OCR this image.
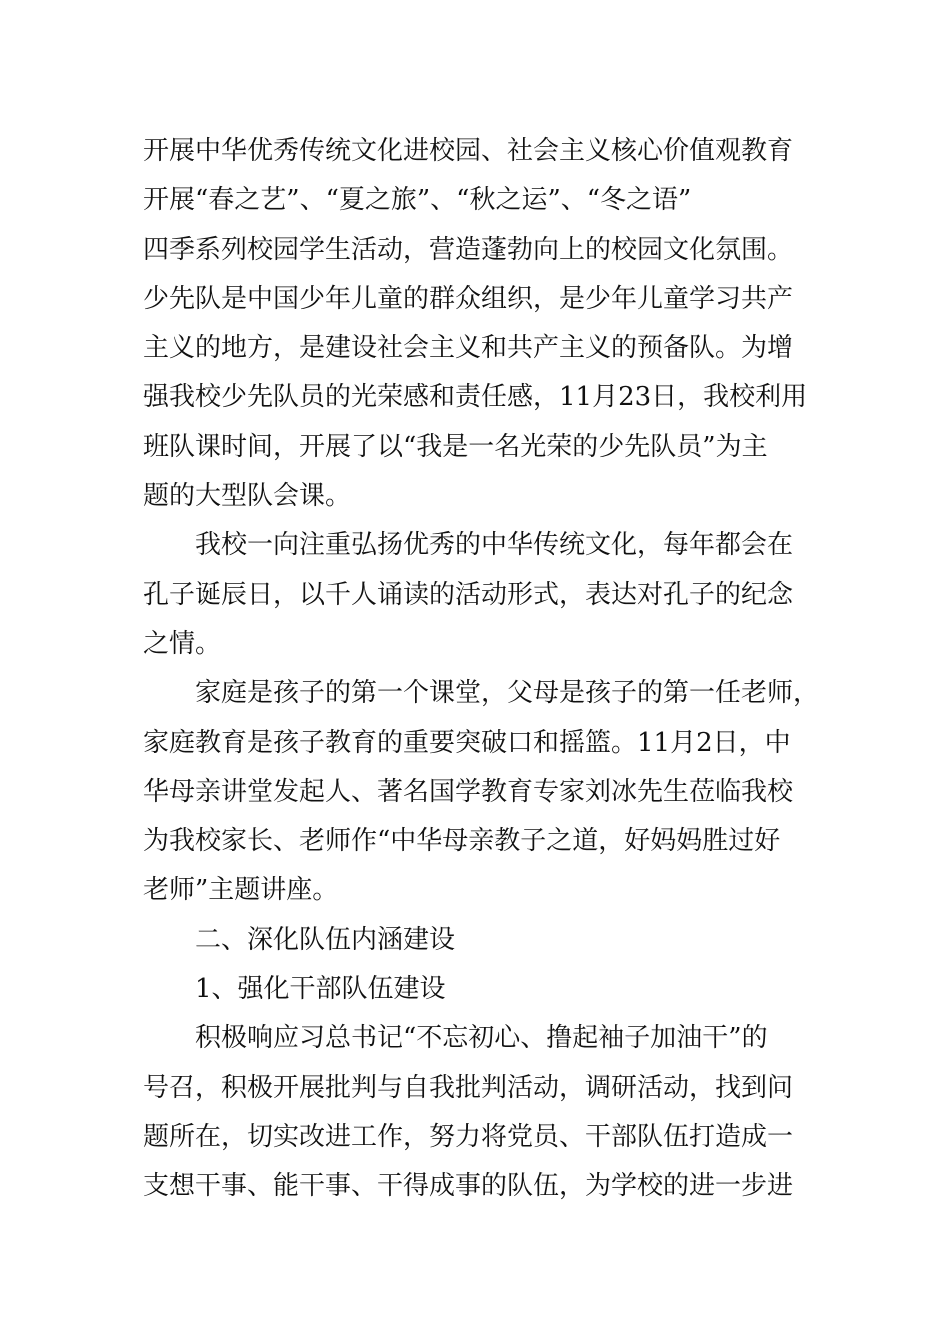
开展中华优秀传统文化进校园、社会主义核心价值观教育
开展“春之艺”、“夏之旅”、“秋之运”、“冬之语”
四季系列校园学生活动，营造蓬勃向上的校园文化氛围。
少先队是中国少年儿童的群众组织，是少年儿童学习共产
主义的地方，是建设社会主义和共产主义的预备队。为增
强我校少先队员的光荣感和责任感，11月23日，我校利用
班队课时间，开展了以“我是一名光荣的少先队员”为主
题的大型队会课。
我校一向注重弘扬优秀的中华传统文化，每年都会在
孔子诞辰日，以千人诵读的活动形式，表达对孔子的纪念
之情。
家庭是孩子的第一个课堂，父母是孩子的第一任老师，
家庭教育是孩子教育的重要突破口和摇篮。11月2日，中
华母亲讲堂发起人、著名国学教育专家刘冰先生莅临我校
为我校家长、老师作“中华母亲教子之道，好妈妈胜过好
老师”主题讲座。
二、深化队伍内涵建设
1、强化干部队伍建设
积极响应习总书记“不忘初心、撸起袖子加油干”的
号召，积极开展批判与自我批判活动，调研活动，找到问
题所在，切实改进工作，努力将党员、干部队伍打造成一
支想干事、能干事、干得成事的队伍，为学校的进一步进
